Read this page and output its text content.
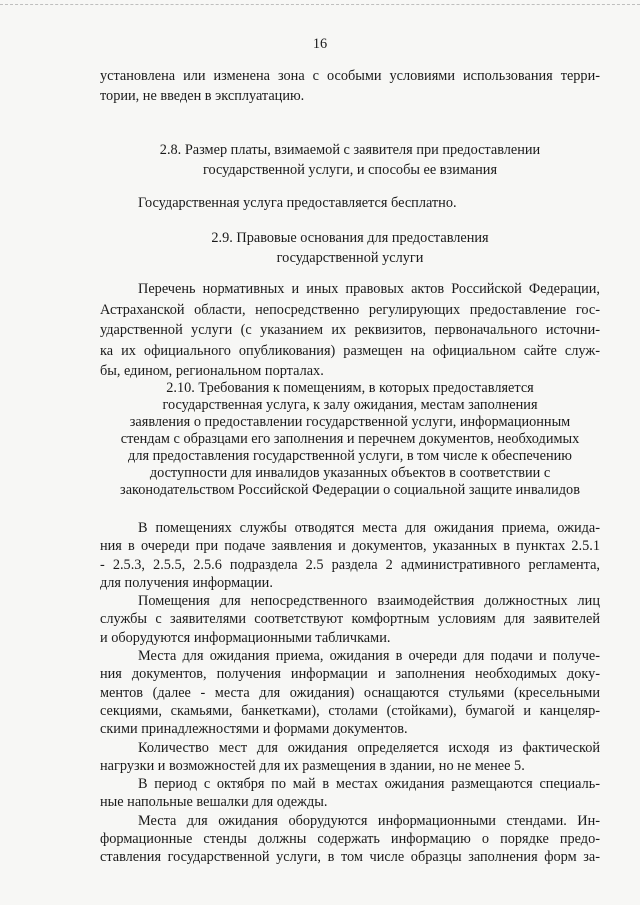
16
установлена или изменена зона с особыми условиями использования терри-
тории, не введен в эксплуатацию.
2.8. Размер платы, взимаемой с заявителя при предоставлении
государственной услуги, и способы ее взимания
Государственная услуга предоставляется бесплатно.
2.9. Правовые основания для предоставления
государственной услуги
Перечень нормативных и иных правовых актов Российской Федерации,
Астраханской области, непосредственно регулирующих предоставление гос-
ударственной услуги (с указанием их реквизитов, первоначального источни-
ка их официального опубликования) размещен на официальном сайте служ-
бы, едином, региональном порталах.
2.10. Требования к помещениям, в которых предоставляется
государственная услуга, к залу ожидания, местам заполнения
заявления о предоставлении государственной услуги, информационным
стендам с образцами его заполнения и перечнем документов, необходимых
для предоставления государственной услуги, в том числе к обеспечению
доступности для инвалидов указанных объектов в соответствии с
законодательством Российской Федерации о социальной защите инвалидов
В помещениях службы отводятся места для ожидания приема, ожида-
ния в очереди при подаче заявления и документов, указанных в пунктах 2.5.1
- 2.5.3, 2.5.5, 2.5.6 подраздела 2.5 раздела 2 административного регламента,
для получения информации.
Помещения для непосредственного взаимодействия должностных лиц
службы с заявителями соответствуют комфортным условиям для заявителей
и оборудуются информационными табличками.
Места для ожидания приема, ожидания в очереди для подачи и получе-
ния документов, получения информации и заполнения необходимых доку-
ментов (далее - места для ожидания) оснащаются стульями (кресельными
секциями, скамьями, банкетками), столами (стойками), бумагой и канцеляр-
скими принадлежностями и формами документов.
Количество мест для ожидания определяется исходя из фактической
нагрузки и возможностей для их размещения в здании, но не менее 5.
В период с октября по май в местах ожидания размещаются специаль-
ные напольные вешалки для одежды.
Места для ожидания оборудуются информационными стендами. Ин-
формационные стенды должны содержать информацию о порядке предо-
ставления государственной услуги, в том числе образцы заполнения форм за-
